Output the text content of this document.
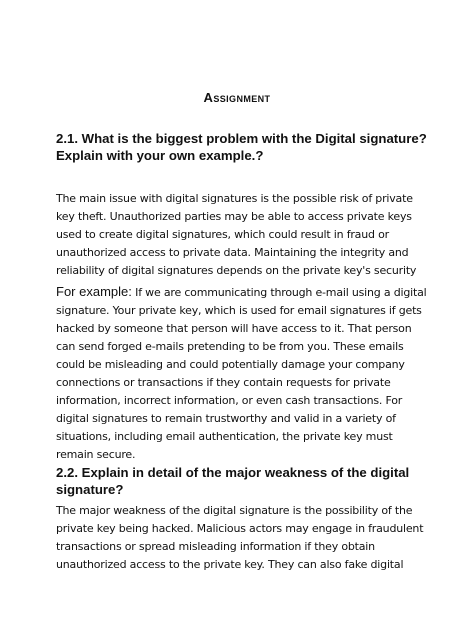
Assignment
2.1. What is the biggest problem with the Digital signature? Explain with your own example.?

The main issue with digital signatures is the possible risk of private key theft. Unauthorized parties may be able to access private keys used to create digital signatures, which could result in fraud or unauthorized access to private data. Maintaining the integrity and reliability of digital signatures depends on the private key's security

For example: If we are communicating through e-mail using a digital signature. Your private key, which is used for email signatures if gets hacked by someone that person will have access to it. That person can send forged e-mails pretending to be from you. These emails could be misleading and could potentially damage your company connections or transactions if they contain requests for private information, incorrect information, or even cash transactions. For digital signatures to remain trustworthy and valid in a variety of situations, including email authentication, the private key must remain secure.

2.2. Explain in detail of the major weakness of the digital signature?

The major weakness of the digital signature is the possibility of the private key being hacked. Malicious actors may engage in fraudulent transactions or spread misleading information if they obtain unauthorized access to the private key. They can also fake digital
